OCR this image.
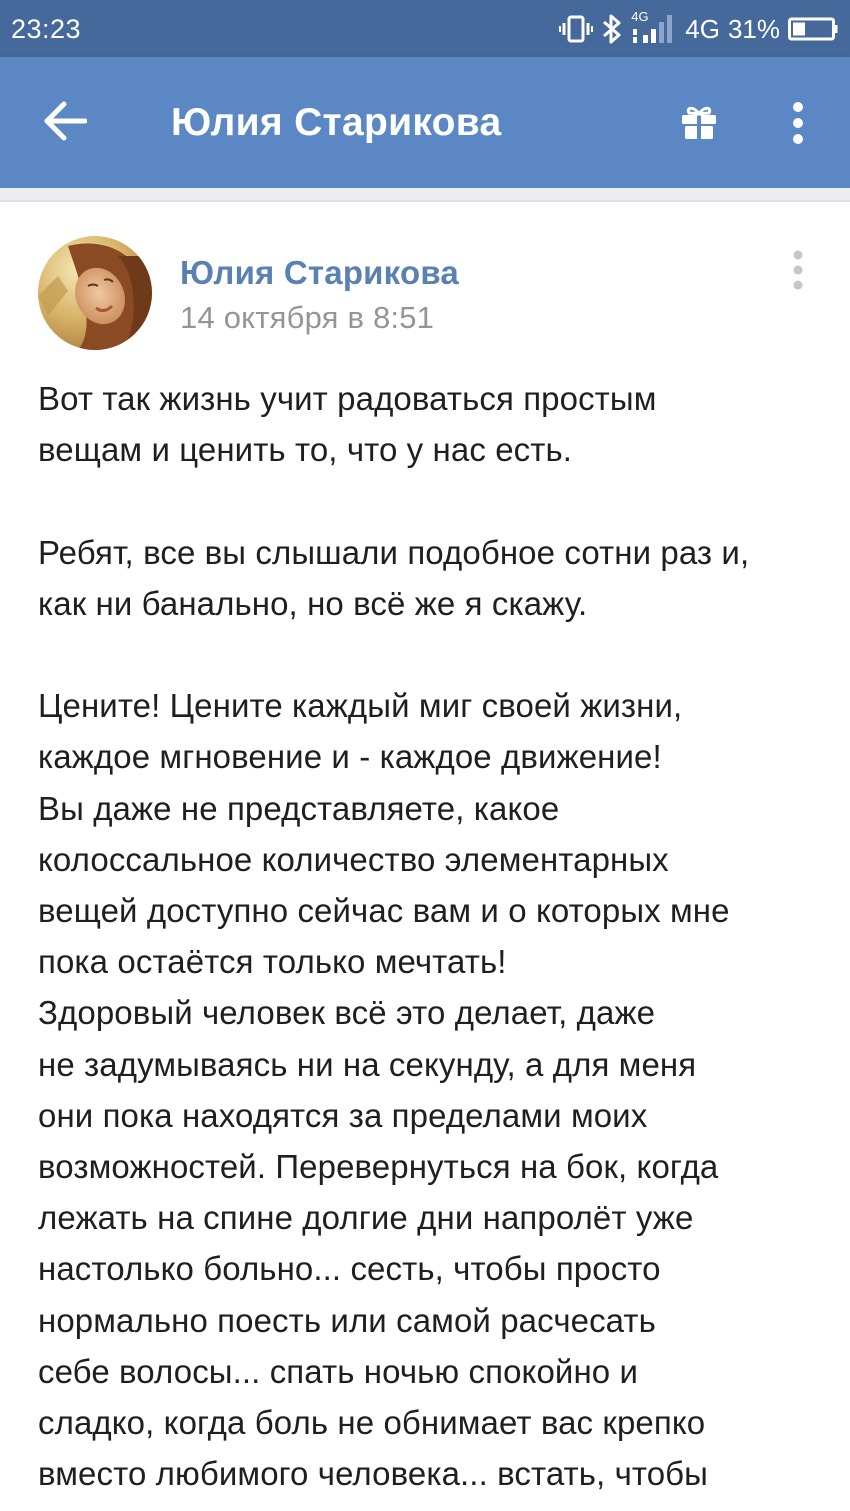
23:23	4G 4G 31%
Юлия Старикова
Юлия Старикова
14 октября в 8:51

Вот так жизнь учит радоваться простым

вещам и ценить то, что у нас есть.

Ребят, все вы слышали подобное сотни раз и,

как ни банально, но всё же я скажу.

Цените! Цените каждый миг своей жизни,

каждое мгновение и - каждое движение!

Вы даже не представляете, какое

колоссальное количество элементарных

вещей доступно сейчас вам и о которых мне

пока остаётся только мечтать!

Здоровый человек всё это делает, даже

не задумываясь ни на секунду, а для меня

они пока находятся за пределами моих

возможностей. Перевернуться на бок, когда

лежать на спине долгие дни напролёт уже

настолько больно... сесть, чтобы просто

нормально поесть или самой расчесать

себе волосы... спать ночью спокойно и

сладко, когда боль не обнимает вас крепко

вместо любимого человека... встать, чтобы
